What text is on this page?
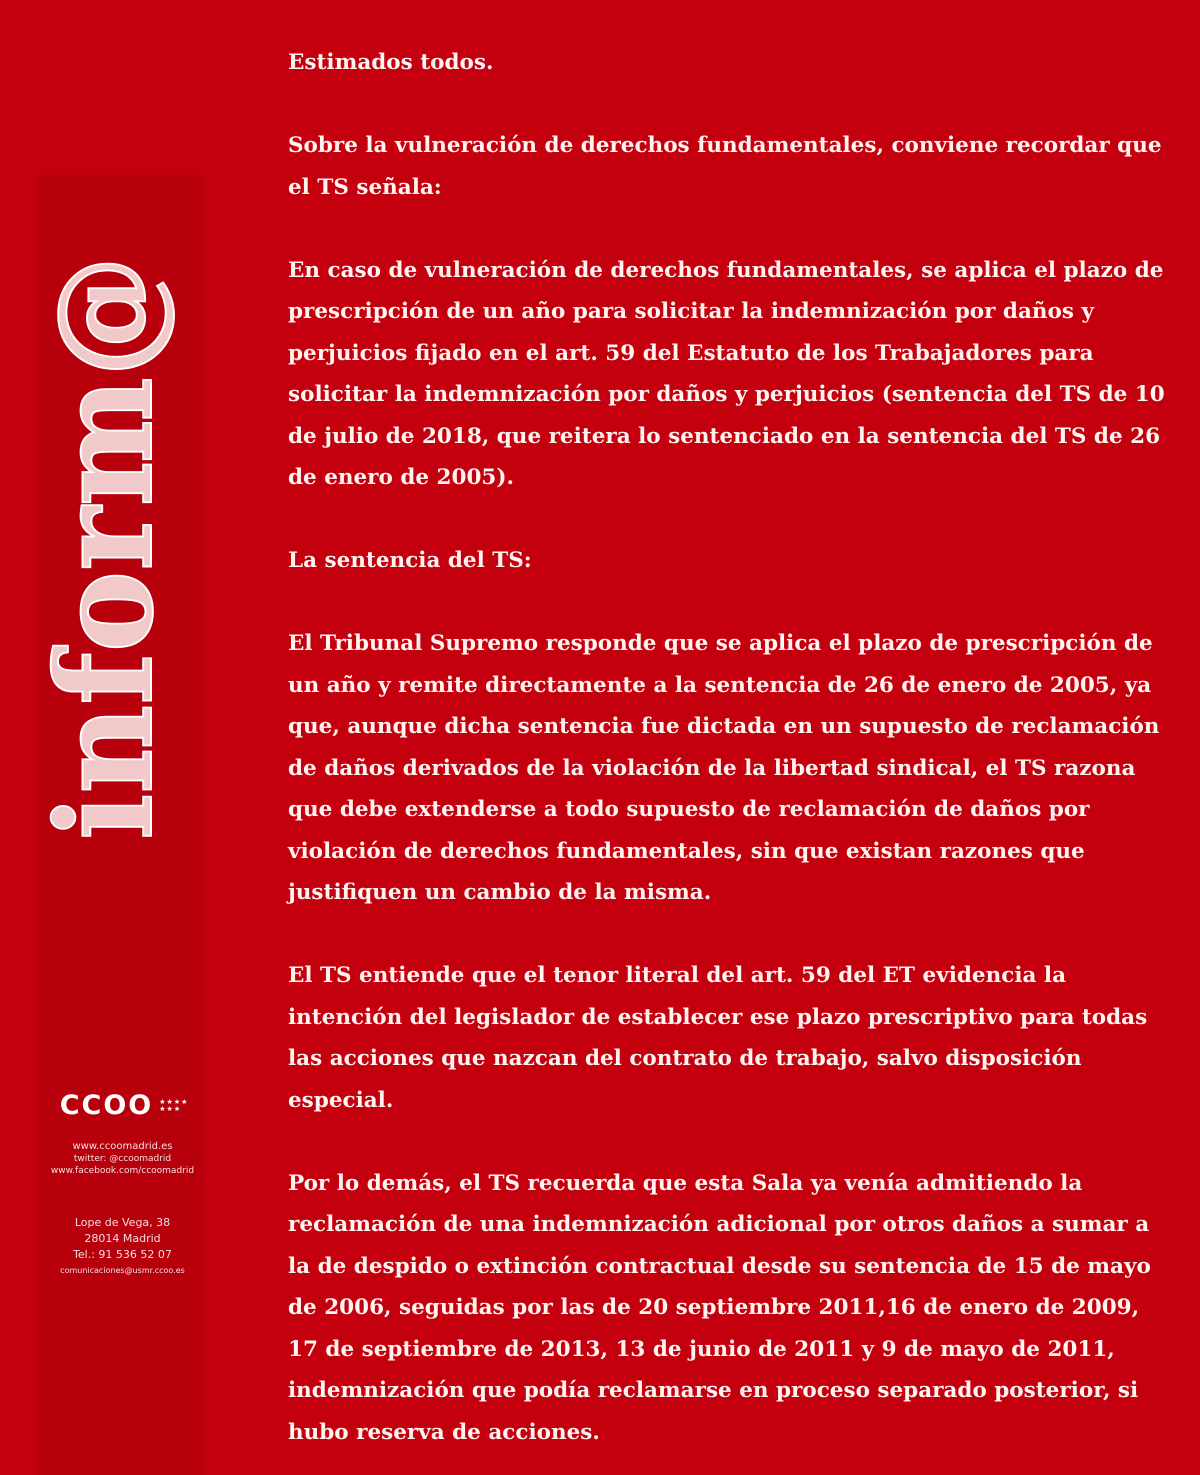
inform@
CCOO ★★★★
★★★
www.ccoomadrid.es
twitter: @ccoomadrid
www.facebook.com/ccoomadrid
Lope de Vega, 38
28014 Madrid
Tel.: 91 536 52 07
comunicaciones@usmr.ccoo.es

Estimados todos.

Sobre la vulneración de derechos fundamentales, conviene recordar que el TS señala:

En caso de vulneración de derechos fundamentales, se aplica el plazo de prescripción de un año para solicitar la indemnización por daños y perjuicios fijado en el art. 59 del Estatuto de los Trabajadores para solicitar la indemnización por daños y perjuicios (sentencia del TS de 10 de julio de 2018, que reitera lo sentenciado en la sentencia del TS de 26 de enero de 2005).

La sentencia del TS:

El Tribunal Supremo responde que se aplica el plazo de prescripción de un año y remite directamente a la sentencia de 26 de enero de 2005, ya que, aunque dicha sentencia fue dictada en un supuesto de reclamación de daños derivados de la violación de la libertad sindical, el TS razona que debe extenderse a todo supuesto de reclamación de daños por violación de derechos fundamentales, sin que existan razones que justifiquen un cambio de la misma.

El TS entiende que el tenor literal del art. 59 del ET evidencia la intención del legislador de establecer ese plazo prescriptivo para todas las acciones que nazcan del contrato de trabajo, salvo disposición especial.

Por lo demás, el TS recuerda que esta Sala ya venía admitiendo la reclamación de una indemnización adicional por otros daños a sumar a la de despido o extinción contractual desde su sentencia de 15 de mayo de 2006, seguidas por las de 20 septiembre 2011,16 de enero de 2009, 17 de septiembre de 2013, 13 de junio de 2011 y 9 de mayo de 2011, indemnización que podía reclamarse en proceso separado posterior, si hubo reserva de acciones.
